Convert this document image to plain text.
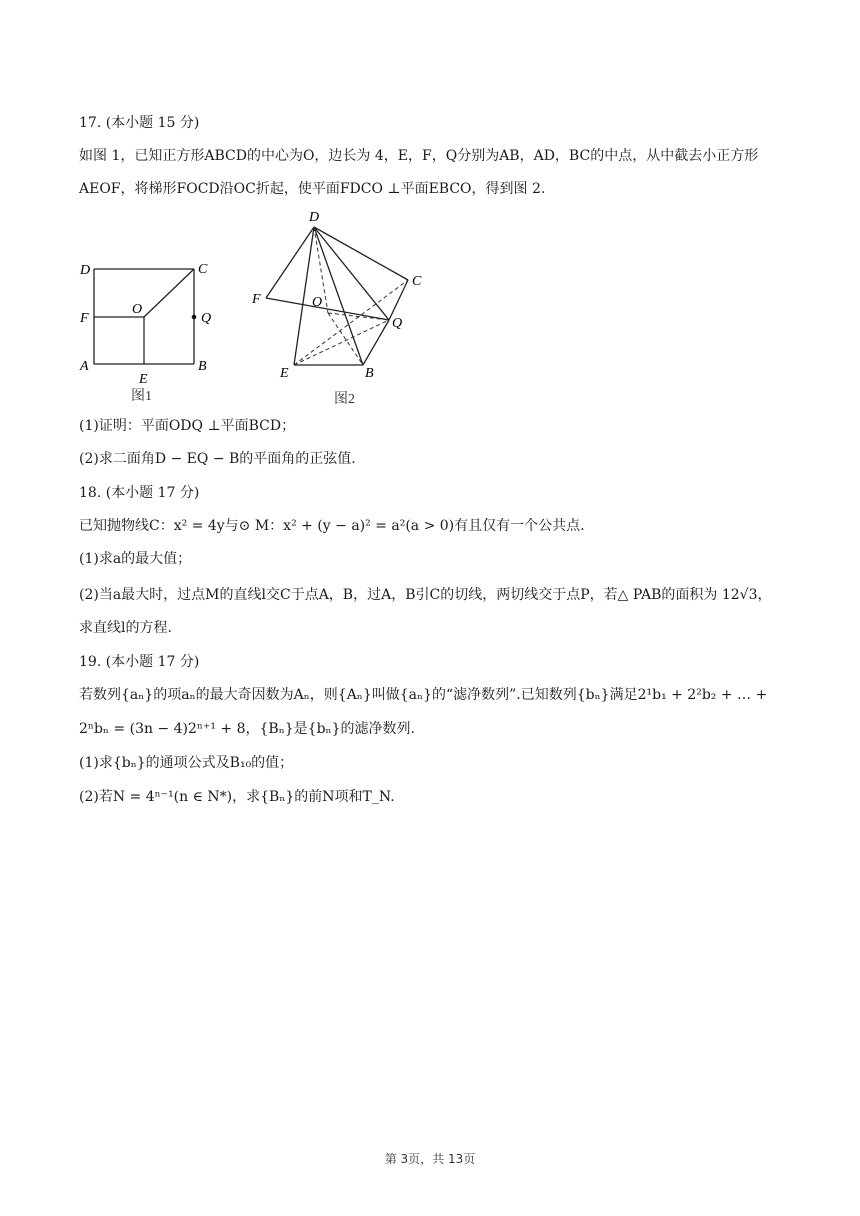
17. (本小题 15 分)
如图 1，已知正方形ABCD的中心为O，边长为 4，E，F，Q分别为AB，AD，BC的中点，从中截去小正方形
AEOF，将梯形FOCD沿OC折起，使平面FDCO ⊥平面EBCO，得到图 2.
D	C
O
F	Q
A
E
B
图1
D
C
F	O
Q
E	B
图2
(1)证明：平面ODQ ⊥平面BCD；
(2)求二面角D − EQ − B的平面角的正弦值.
18. (本小题 17 分)
已知抛物线C：x² = 4y与⊙ M：x² + (y − a)² = a²(a > 0)有且仅有一个公共点.
(1)求a的最大值；
(2)当a最大时，过点M的直线l交C于点A，B，过A，B引C的切线，两切线交于点P，若△ PAB的面积为 12√3，
求直线l的方程.
19. (本小题 17 分)
若数列{aₙ}的项aₙ的最大奇因数为Aₙ，则{Aₙ}叫做{aₙ}的“滤净数列”.已知数列{bₙ}满足2¹b₁ + 2²b₂ + … +
2ⁿbₙ = (3n − 4)2ⁿ⁺¹ + 8，{Bₙ}是{bₙ}的滤净数列.
(1)求{bₙ}的通项公式及B₁₀的值；
(2)若N = 4ⁿ⁻¹(n ∈ N*)，求{Bₙ}的前N项和T_N.
第 3页，共 13页
